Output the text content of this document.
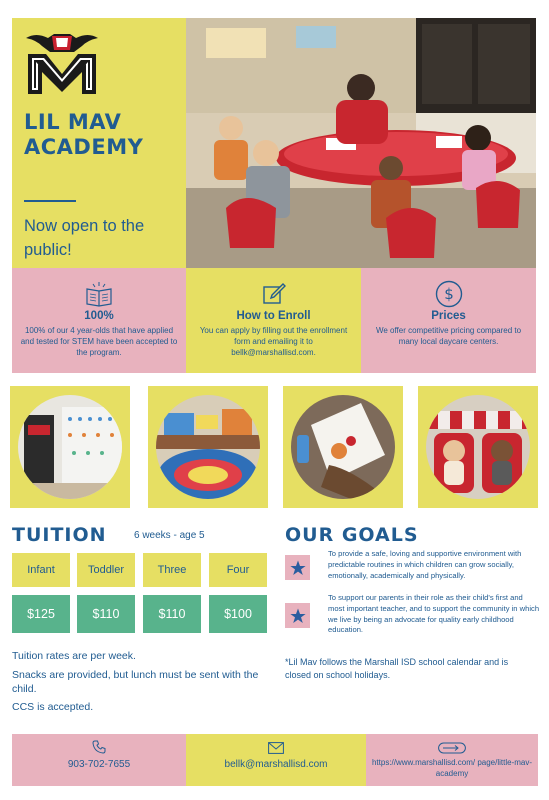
LIL MAV ACADEMY
Now open to the public!
100%

100% of our 4 year-olds that have applied and tested for STEM have been accepted to the program.

How to Enroll

You can apply by filling out the enrollment form and emailing it to bellk@marshallisd.com.

$
Prices

We offer competitive pricing compared to many local daycare centers.

TUITION	6 weeks - age 5
Infant	Toddler	Three	Four
$125	$110	$110	$100
Tuition rates are per week.
Snacks are provided, but lunch must be sent with the child.
CCS is accepted.
OUR GOALS
To provide a safe, loving and supportive environment with predictable routines in which children can grow socially, emotionally, academically and physically.
To support our parents in their role as their child's first and most important teacher, and to support the community in which we live by being an advocate for quality early childhood education.
*Lil Mav follows the Marshall ISD school calendar and is closed on school holidays.
903-702-7655	bellk@marshallisd.com	https://www.marshallisd.com/ page/little-mav-academy
